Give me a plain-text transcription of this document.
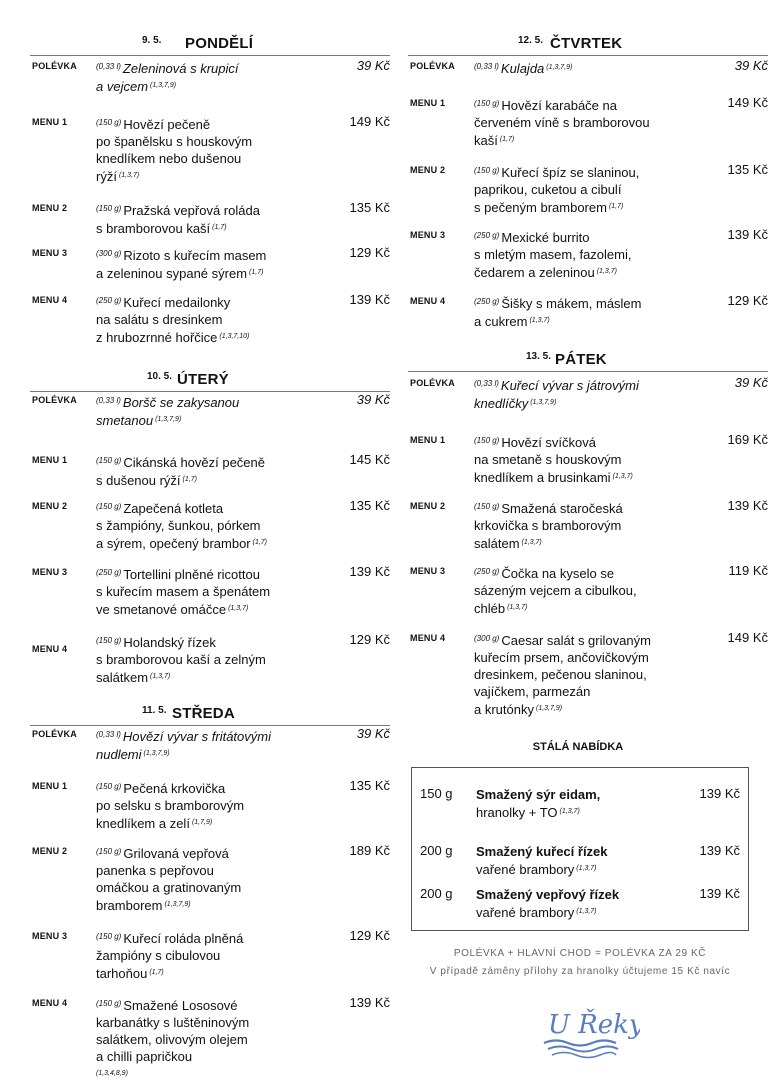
9. 5. PONDĚLÍ
POLÉVKA $^{(0,33 l)}$ Zeleninová s krupicí
a vejcem $^{(1,3,7,9)}$
39 Kč
MENU 1	$^{(150 g)}$ Hovězí pečeně
po španělsku s houskovým
knedlíkem nebo dušenou
rýží $^{(1,3,7)}$
149 Kč
MENU 2	$^{(150 g)}$ Pražská vepřová roláda
s bramborovou kaší $^{(1,7)}$
135 Kč
MENU 3	$^{(300 g)}$ Rizoto s kuřecím masem
a zeleninou sypané sýrem $^{(1,7)}$
129 Kč
MENU 4	$^{(250 g)}$ Kuřecí medailonky
na salátu s dresinkem
z hrubozrnné hořčice $^{(1,3,7,10)}$
139 Kč
10. 5. ÚTERÝ
POLÉVKA $^{(0,33 l)}$ Boršč se zakysanou
smetanou $^{(1,3,7,9)}$
39 Kč
MENU 1	$^{(150 g)}$ Cikánská hovězí pečeně
s dušenou rýží $^{(1,7)}$
145 Kč
MENU 2	$^{(150 g)}$ Zapečená kotleta
s žampióny, šunkou, pórkem
a sýrem, opečený brambor $^{(1,7)}$
135 Kč
MENU 3	$^{(250 g)}$ Tortellini plněné ricottou
s kuřecím masem a špenátem
ve smetanové omáčce $^{(1,3,7)}$
139 Kč
MENU 4
$^{(150 g)}$ Holandský řízek
s bramborovou kaší a zelným
salátkem $^{(1,3,7)}$
129 Kč
11. 5. STŘEDA
POLÉVKA $^{(0,33 l)}$ Hovězí vývar s fritátovými
nudlemi $^{(1,3,7,9)}$
39 Kč
MENU 1	$^{(150 g)}$ Pečená krkovička
po selsku s bramborovým
knedlíkem a zelí $^{(1,7,9)}$
135 Kč
MENU 2	$^{(150 g)}$ Grilovaná vepřová
panenka s pepřovou
omáčkou a gratinovaným
bramborem $^{(1,3,7,9)}$
189 Kč
MENU 3	$^{(150 g)}$ Kuřecí roláda plněná
žampióny s cibulovou
tarhoňou $^{(1,7)}$
129 Kč
MENU 4	$^{(150 g)}$ Smažené Lososové
karbanátky s luštěninovým
salátkem, olivovým olejem
a chilli papričkou
$^{(1,3,4,8,9)}$
139 Kč
12. 5. ČTVRTEK
POLÉVKA $^{(0,33 l)}$ Kulajda $^{(1,3,7,9)}$	39 Kč
MENU 1	$^{(150 g)}$ Hovězí karabáče na
červeném víně s bramborovou
kaší $^{(1,7)}$
149 Kč
MENU 2	$^{(150 g)}$ Kuřecí špíz se slaninou,
paprikou, cuketou a cibulí
s pečeným bramborem $^{(1,7)}$
135 Kč
MENU 3	$^{(250 g)}$ Mexické burrito
s mletým masem, fazolemi,
čedarem a zeleninou $^{(1,3,7)}$
139 Kč
MENU 4	$^{(250 g)}$ Šišky s mákem, máslem
a cukrem $^{(1,3,7)}$
129 Kč
13. 5. PÁTEK
POLÉVKA $^{(0,33 l)}$ Kuřecí vývar s játrovými
knedlíčky $^{(1,3,7,9)}$
39 Kč
MENU 1	$^{(150 g)}$ Hovězí svíčková
na smetaně s houskovým
knedlíkem a brusinkami $^{(1,3,7)}$
169 Kč
MENU 2	$^{(150 g)}$ Smažená staročeská
krkovička s bramborovým
salátem $^{(1,3,7)}$
139 Kč
MENU 3	$^{(250 g)}$ Čočka na kyselo se
sázeným vejcem a cibulkou,
chléb $^{(1,3,7)}$
119 Kč
MENU 4	$^{(300 g)}$ Caesar salát s grilovaným
kuřecím prsem, ančovičkovým
dresinkem, pečenou slaninou,
vajíčkem, parmezán
a krutónky $^{(1,3,7,9)}$
149 Kč
STÁLÁ NABÍDKA
150 g Smažený sýr eidam,
hranolky + TO $^{(1,3,7)}$
139 Kč
200 g Smažený kuřecí řízek
vařené brambory $^{(1,3,7)}$
139 Kč
200 g Smažený vepřový řízek
vařené brambory $^{(1,3,7)}$
139 Kč
POLÉVKA + HLAVNÍ CHOD = POLÉVKA ZA 29 KČ
V případě záměny přílohy za hranolky účtujeme 15 Kč navíc
U Řeky
